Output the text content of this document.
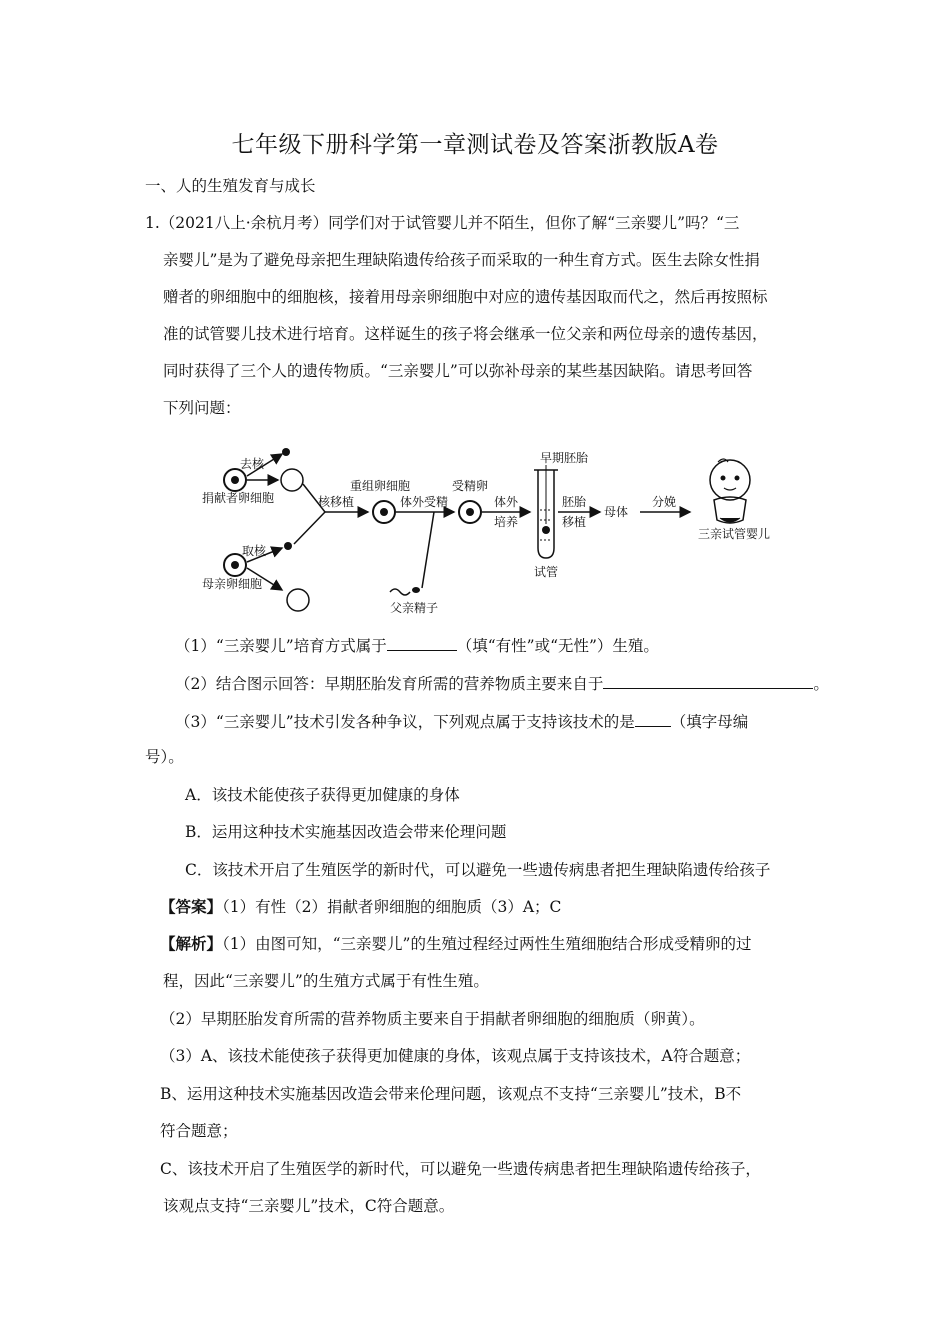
七年级下册科学第一章测试卷及答案浙教版A卷
一、人的生殖发育与成长
1.（2021八上·余杭月考）同学们对于试管婴儿并不陌生，但你了解“三亲婴儿”吗？“三
亲婴儿”是为了避免母亲把生理缺陷遗传给孩子而采取的一种生育方式。医生去除女性捐
赠者的卵细胞中的细胞核，接着用母亲卵细胞中对应的遗传基因取而代之，然后再按照标
准的试管婴儿技术进行培育。这样诞生的孩子将会继承一位父亲和两位母亲的遗传基因，
同时获得了三个人的遗传物质。“三亲婴儿”可以弥补母亲的某些基因缺陷。请思考回答
下列问题：
去核
捐献者卵细胞
取核
母亲卵细胞
核移植
重组卵细胞
体外受精
父亲精子
受精卵
体外
培养
早期胚胎
试管
胚胎
移植
母体
分娩
三亲试管婴儿
（1）“三亲婴儿”培育方式属于	（填“有性”或“无性”）生殖。
（2）结合图示回答：早期胚胎发育所需的营养物质主要来自于	。
（3）“三亲婴儿”技术引发各种争议，下列观点属于支持该技术的是 （填字母编
号）。
A．该技术能使孩子获得更加健康的身体
B．运用这种技术实施基因改造会带来伦理问题
C．该技术开启了生殖医学的新时代，可以避免一些遗传病患者把生理缺陷遗传给孩子
【答案】（1）有性（2）捐献者卵细胞的细胞质（3）A；C
【解析】（1）由图可知，“三亲婴儿”的生殖过程经过两性生殖细胞结合形成受精卵的过
程，因此“三亲婴儿”的生殖方式属于有性生殖。
（2）早期胚胎发育所需的营养物质主要来自于捐献者卵细胞的细胞质（卵黄）。
（3）A、该技术能使孩子获得更加健康的身体，该观点属于支持该技术，A符合题意；
B、运用这种技术实施基因改造会带来伦理问题，该观点不支持“三亲婴儿”技术，B不
符合题意；
C、该技术开启了生殖医学的新时代，可以避免一些遗传病患者把生理缺陷遗传给孩子，
该观点支持“三亲婴儿”技术，C符合题意。
